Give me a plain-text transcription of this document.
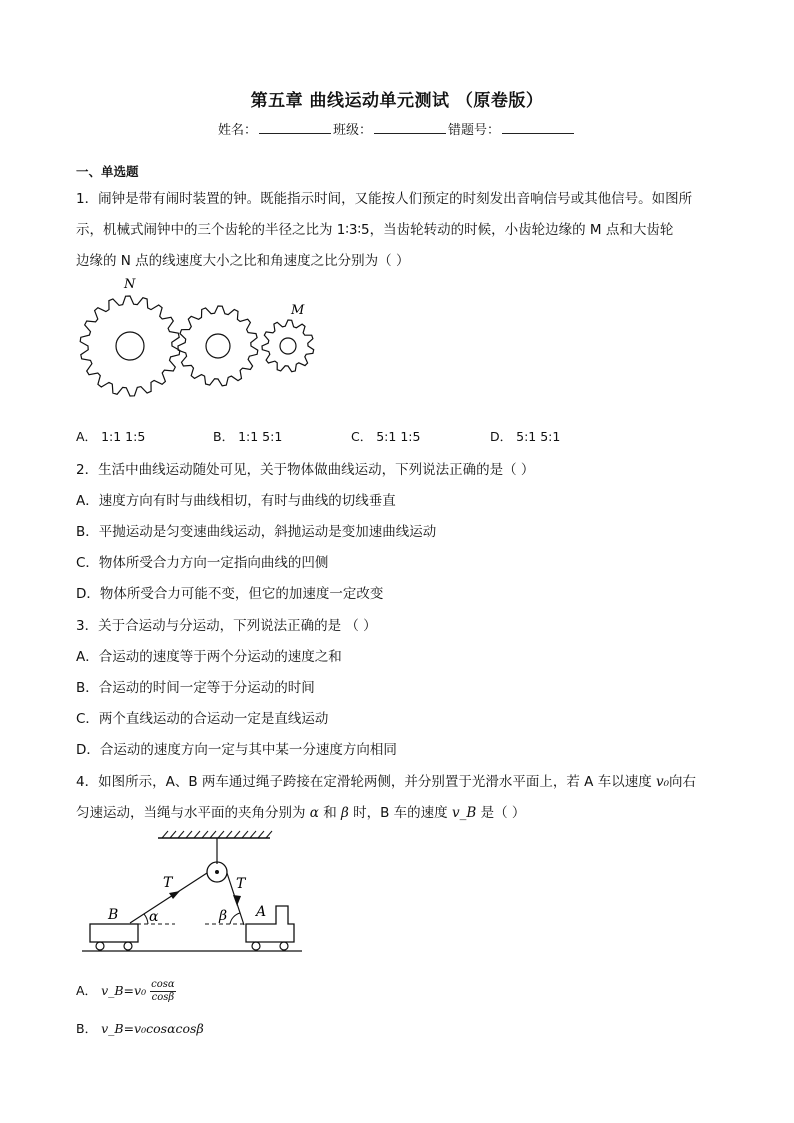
第五章 曲线运动单元测试 （原卷版）
姓名：	班级：	错题号：
一、单选题
1．闹钟是带有闹时装置的钟。既能指示时间，又能按人们预定的时刻发出音响信号或其他信号。如图所
示，机械式闹钟中的三个齿轮的半径之比为 1∶3∶5，当齿轮转动的时候，小齿轮边缘的 M 点和大齿轮
边缘的 N 点的线速度大小之比和角速度之比分别为（ ）
N
M
A． 1:1 1:5	B． 1:1 5:1	C． 5:1 1:5	D． 5:1 5:1
2．生活中曲线运动随处可见，关于物体做曲线运动，下列说法正确的是（ ）
A．速度方向有时与曲线相切，有时与曲线的切线垂直
B．平抛运动是匀变速曲线运动，斜抛运动是变加速曲线运动
C．物体所受合力方向一定指向曲线的凹侧
D．物体所受合力可能不变，但它的加速度一定改变
3．关于合运动与分运动，下列说法正确的是 （ ）
A．合运动的速度等于两个分运动的速度之和
B．合运动的时间一定等于分运动的时间
C．两个直线运动的合运动一定是直线运动
D．合运动的速度方向一定与其中某一分速度方向相同
4．如图所示，A、B 两车通过绳子跨接在定滑轮两侧，并分别置于光滑水平面上，若 A 车以速度 v₀向右
匀速运动，当绳与水平面的夹角分别为 α 和 β 时，B 车的速度 v_B 是（ ）
T	T
B	A
α	β
A． v_B=v₀ $\frac{\cos\alpha}{\cos\beta}$
B． v_B=v₀cosαcosβ
